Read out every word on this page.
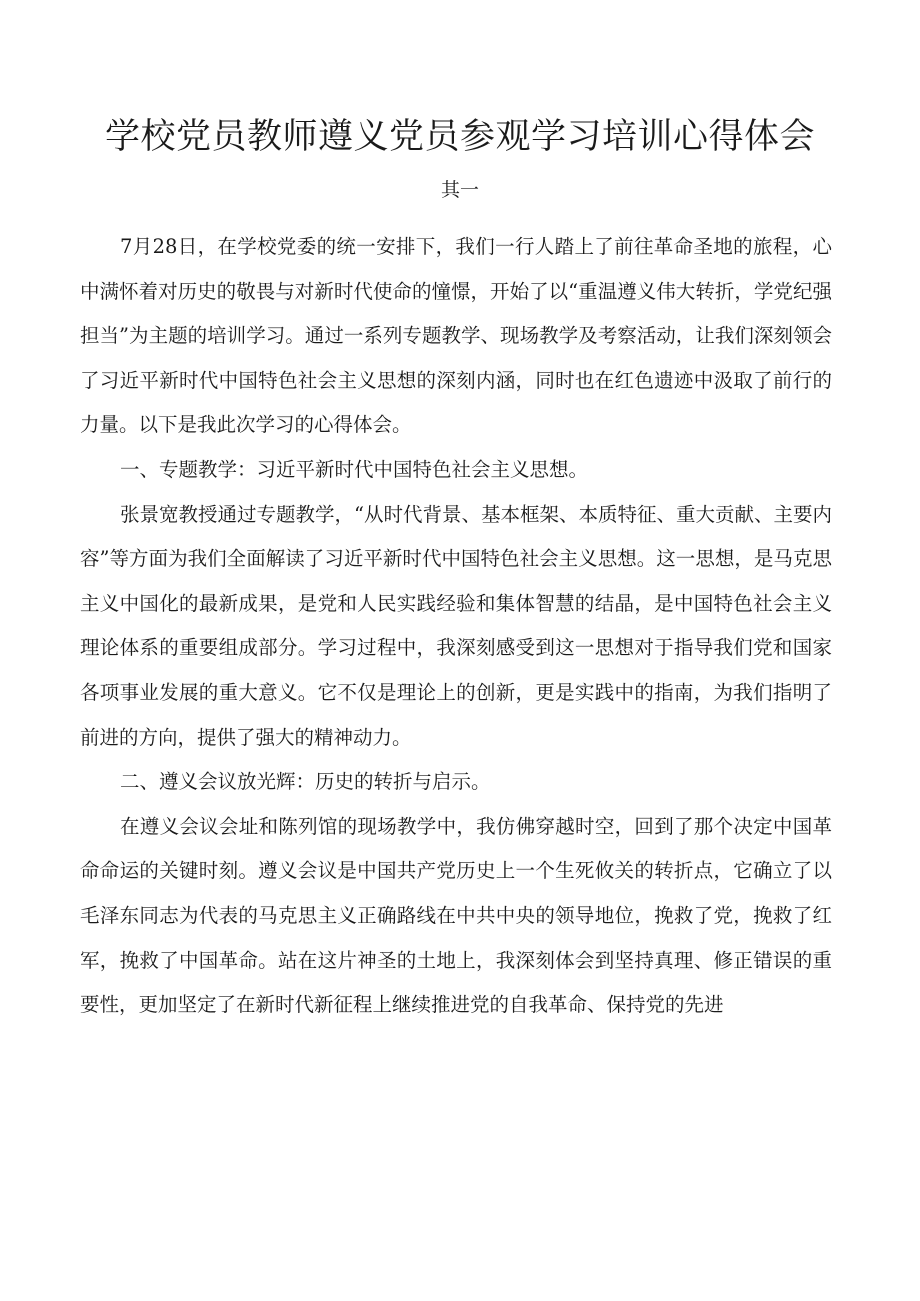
学校党员教师遵义党员参观学习培训心得体会
其一

7月28日，在学校党委的统一安排下，我们一行人踏上了前往革命圣地的旅程，心中满怀着对历史的敬畏与对新时代使命的憧憬，开始了以“重温遵义伟大转折，学党纪强担当”为主题的培训学习。通过一系列专题教学、现场教学及考察活动，让我们深刻领会了习近平新时代中国特色社会主义思想的深刻内涵，同时也在红色遗迹中汲取了前行的力量。以下是我此次学习的心得体会。

一、专题教学：习近平新时代中国特色社会主义思想。

张景宽教授通过专题教学，“从时代背景、基本框架、本质特征、重大贡献、主要内容”等方面为我们全面解读了习近平新时代中国特色社会主义思想。这一思想，是马克思主义中国化的最新成果，是党和人民实践经验和集体智慧的结晶，是中国特色社会主义理论体系的重要组成部分。学习过程中，我深刻感受到这一思想对于指导我们党和国家各项事业发展的重大意义。它不仅是理论上的创新，更是实践中的指南，为我们指明了前进的方向，提供了强大的精神动力。

二、遵义会议放光辉：历史的转折与启示。

在遵义会议会址和陈列馆的现场教学中，我仿佛穿越时空，回到了那个决定中国革命命运的关键时刻。遵义会议是中国共产党历史上一个生死攸关的转折点，它确立了以毛泽东同志为代表的马克思主义正确路线在中共中央的领导地位，挽救了党，挽救了红军，挽救了中国革命。站在这片神圣的土地上，我深刻体会到坚持真理、修正错误的重要性，更加坚定了在新时代新征程上继续推进党的自我革命、保持党的先进
